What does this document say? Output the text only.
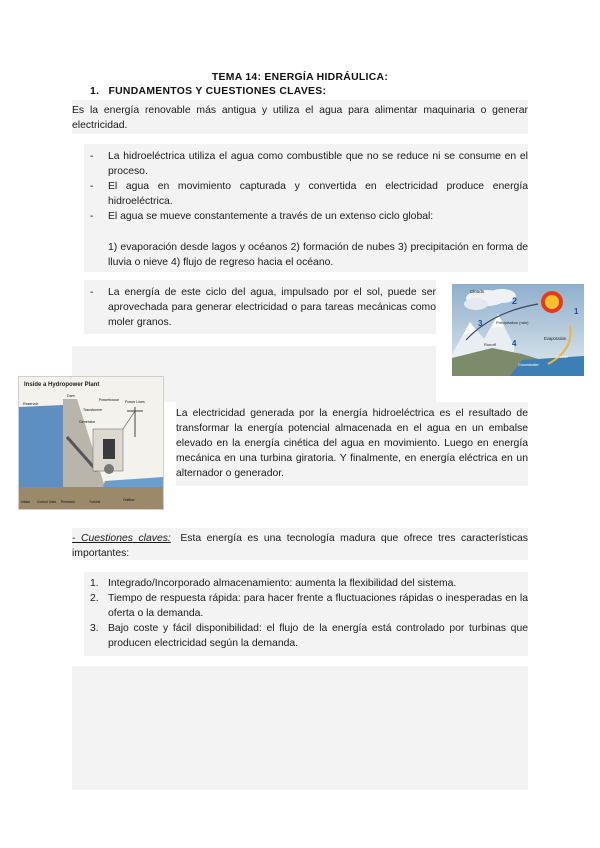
TEMA 14: ENERGÍA HIDRÁULICA:
1. FUNDAMENTOS Y CUESTIONES CLAVES:
Es la energía renovable más antigua y utiliza el agua para alimentar maquinaria o generar electricidad.
- La hidroeléctrica utiliza el agua como combustible que no se reduce ni se consume en el proceso.
- El agua en movimiento capturada y convertida en electricidad produce energía hidroeléctrica.
- El agua se mueve constantemente a través de un extenso ciclo global:
1) evaporación desde lagos y océanos 2) formación de nubes 3) precipitación en forma de lluvia o nieve 4) flujo de regreso hacia el océano.
- La energía de este ciclo del agua, impulsado por el sol, puede ser aprovechada para generar electricidad o para tareas mecánicas como moler granos.
Clouds
Precipitation (rain)
Evaporation
Runoff
Ocean
Groundwater
1
2
3
4
Inside a Hydropower Plant
Reservoir
Dam
Powerhouse
Transformer
Power Lines
Generator
Intake Control Gate Penstock	Turbine	Outflow
La electricidad generada por la energía hidroeléctrica es el resultado de transformar la energía potencial almacenada en el agua en un embalse elevado en la energía cinética del agua en movimiento. Luego en energía mecánica en una turbina giratoria. Y finalmente, en energía eléctrica en un alternador o generador.
- Cuestiones claves: Esta energía es una tecnología madura que ofrece tres características importantes:
1. Integrado/Incorporado almacenamiento: aumenta la flexibilidad del sistema.
2. Tiempo de respuesta rápida: para hacer frente a fluctuaciones rápidas o inesperadas en la oferta o la demanda.
3. Bajo coste y fácil disponibilidad: el flujo de la energía está controlado por turbinas que producen electricidad según la demanda.
